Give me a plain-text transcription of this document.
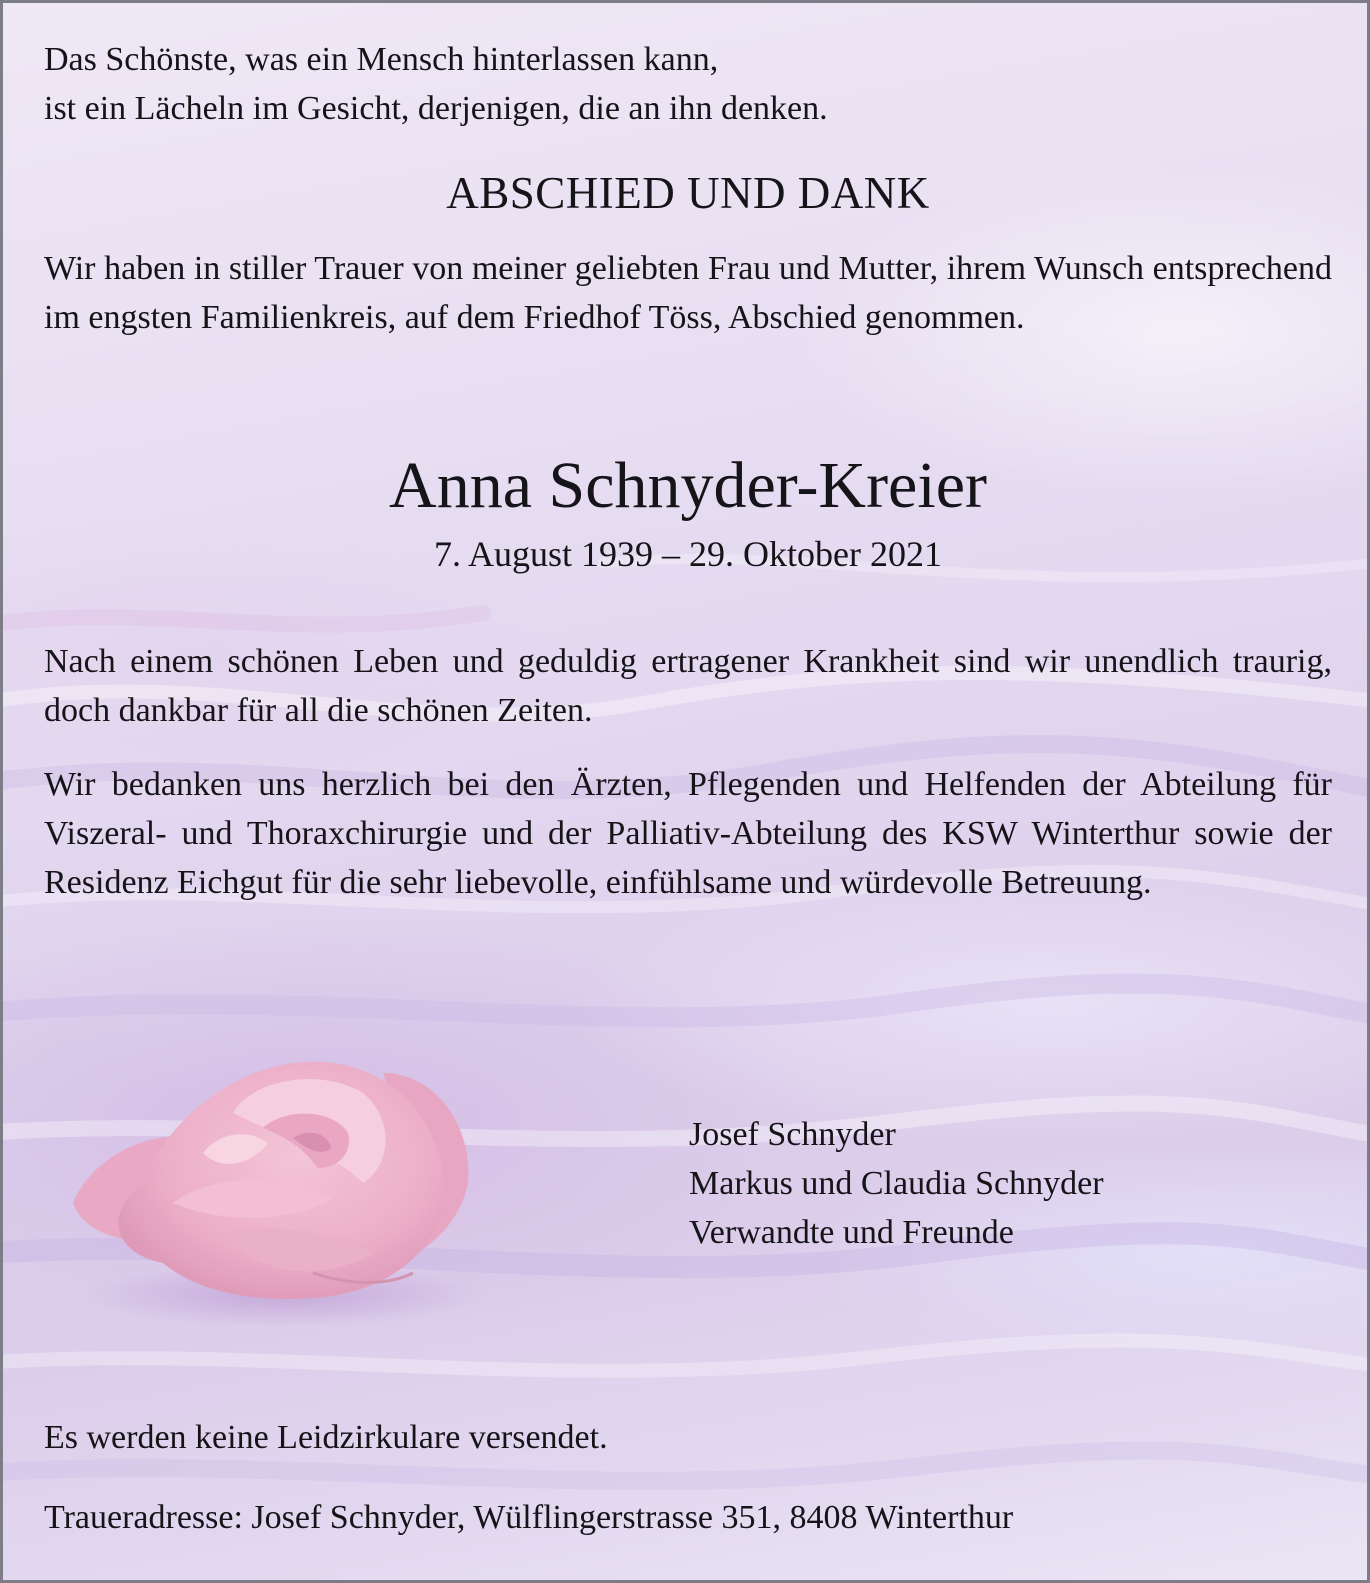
Das Schönste, was ein Mensch hinterlassen kann,
ist ein Lächeln im Gesicht, derjenigen, die an ihn denken.
ABSCHIED UND DANK
Wir haben in stiller Trauer von meiner geliebten Frau und Mutter, ihrem Wunsch entsprechend im engsten Familienkreis, auf dem Friedhof Töss, Abschied genommen.
Anna Schnyder-Kreier
7. August 1939 – 29. Oktober 2021
Nach einem schönen Leben und geduldig ertragener Krankheit sind wir unendlich traurig, doch dankbar für all die schönen Zeiten.
Wir bedanken uns herzlich bei den Ärzten, Pflegenden und Helfenden der Abteilung für Viszeral- und Thoraxchirurgie und der Palliativ-Abteilung des KSW Winterthur sowie der Residenz Eichgut für die sehr liebevolle, einfühlsame und würdevolle Betreuung.
Josef Schnyder
Markus und Claudia Schnyder
Verwandte und Freunde
Es werden keine Leidzirkulare versendet.
Traueradresse: Josef Schnyder, Wülflingerstrasse 351, 8408 Winterthur
